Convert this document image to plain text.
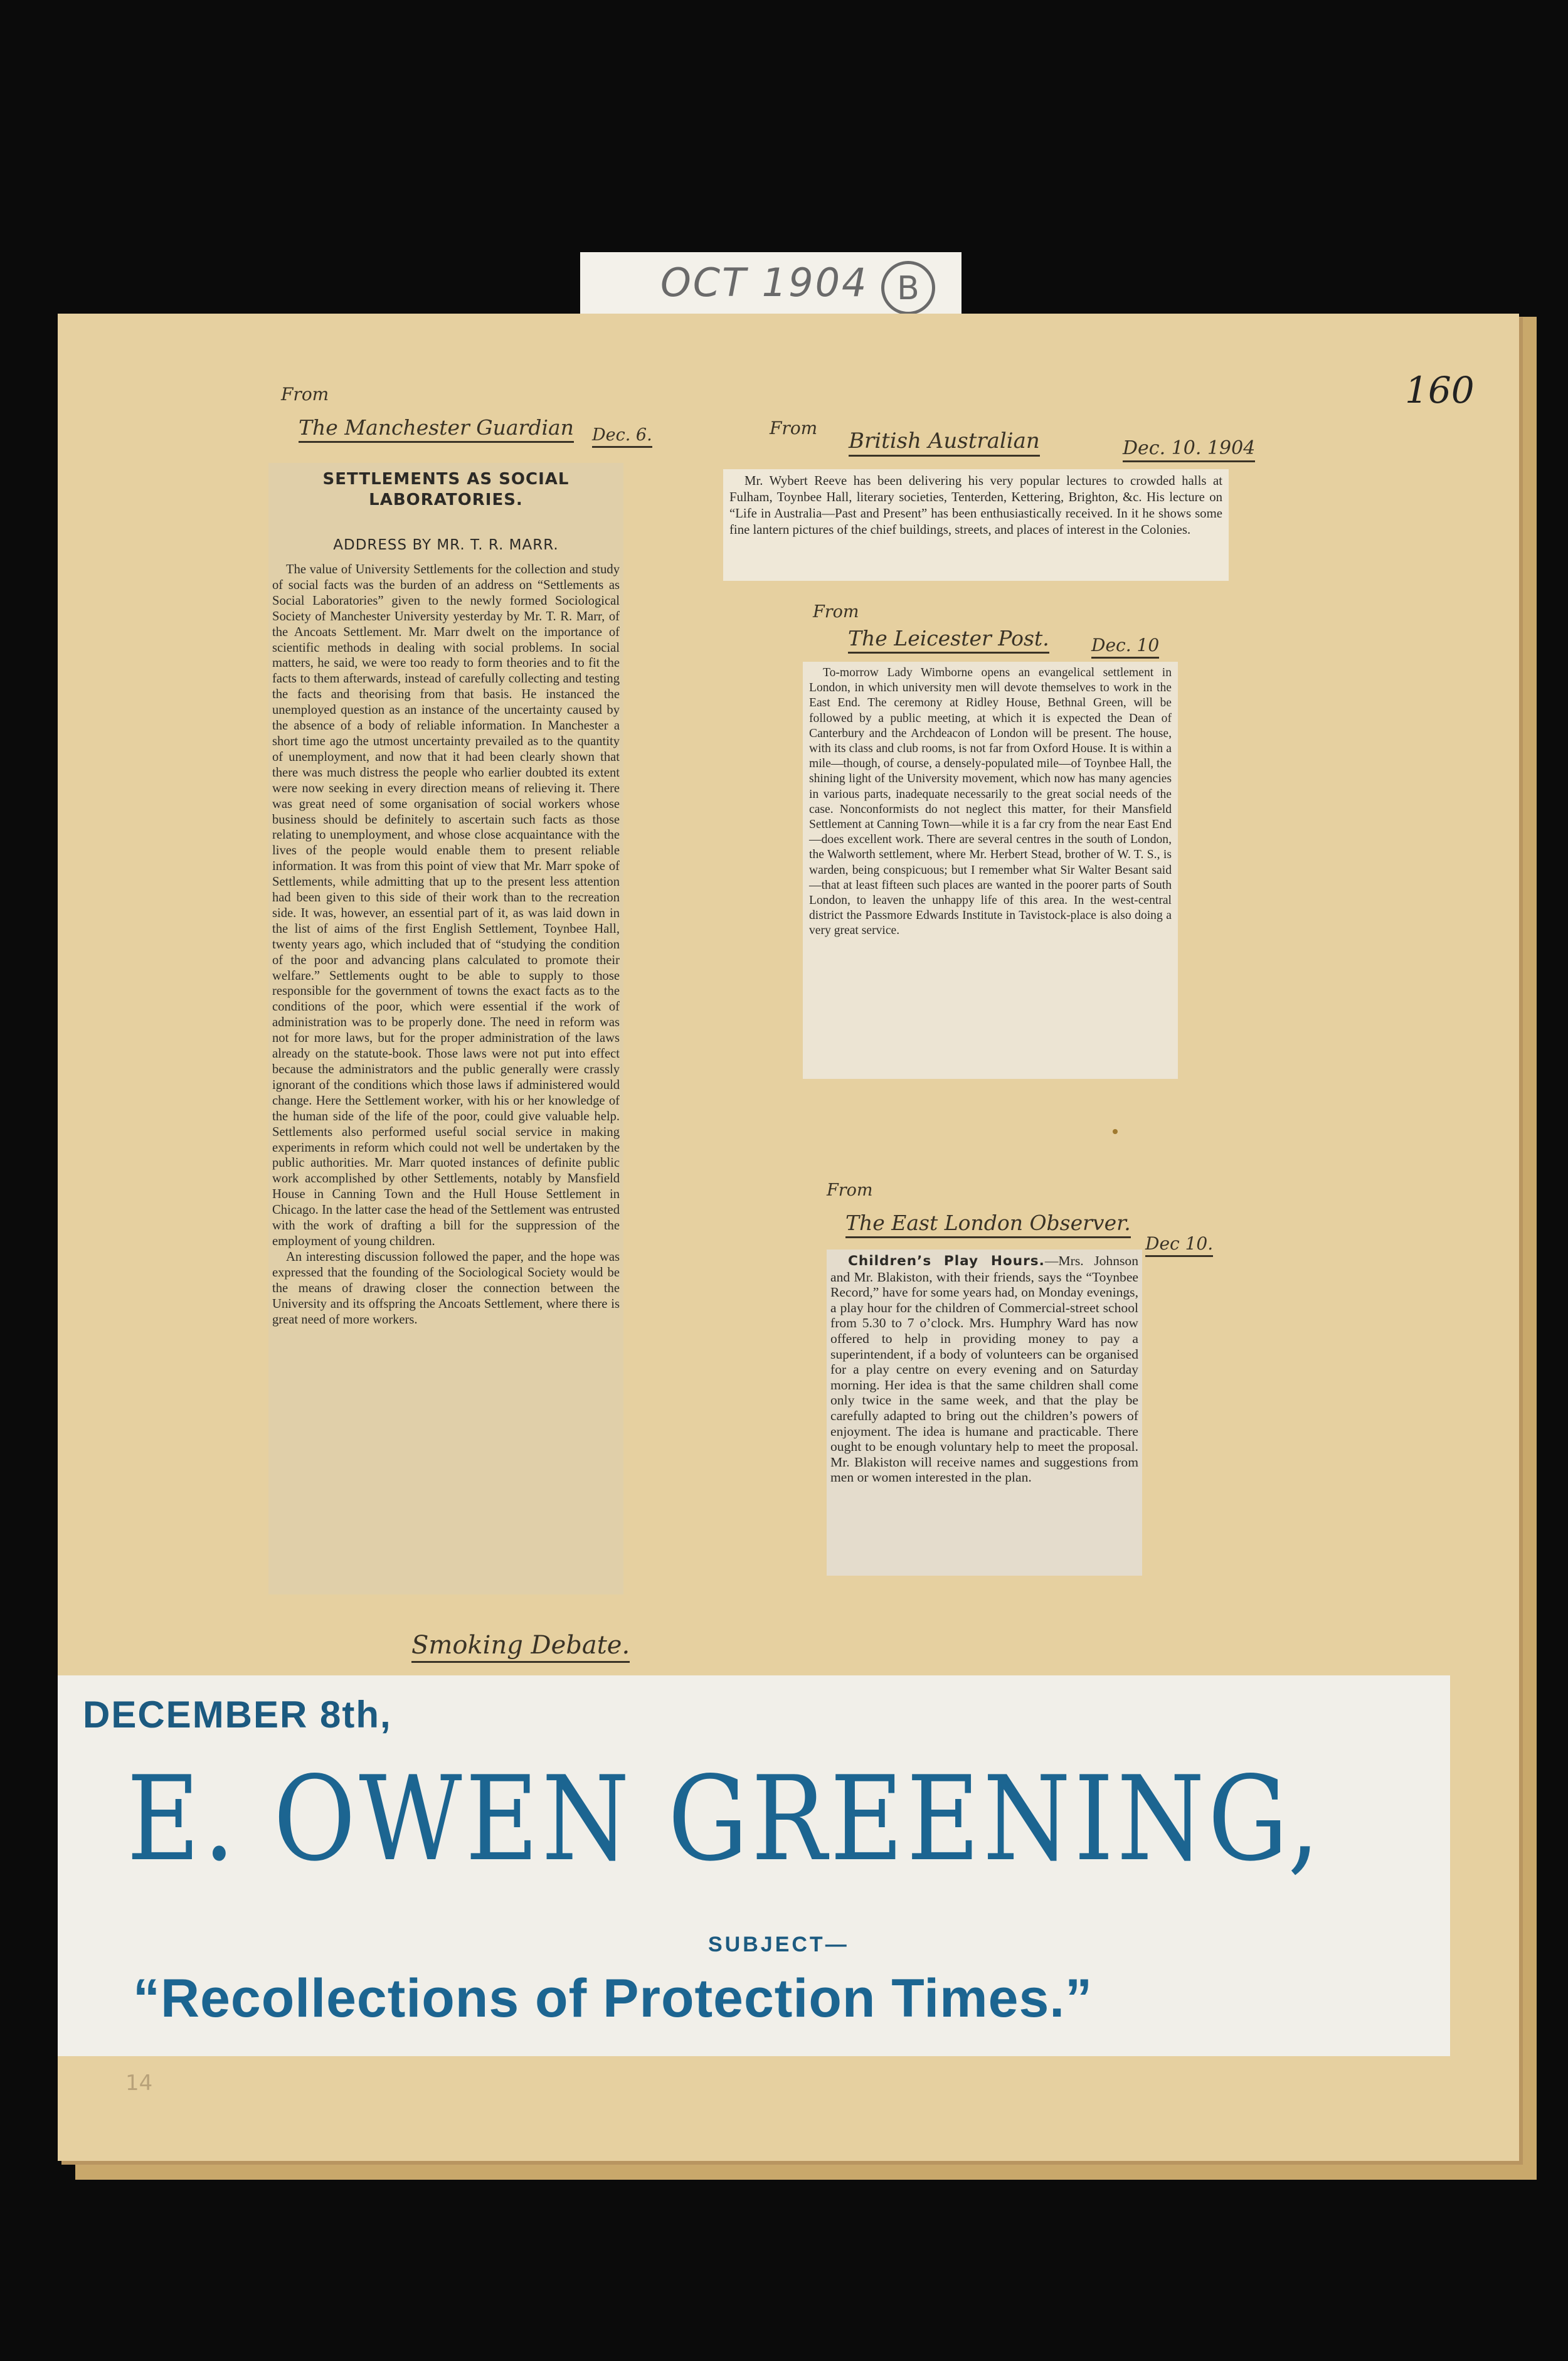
OCT 1904 B
160
From
The Manchester Guardian Dec. 6.
SETTLEMENTS AS SOCIAL LABORATORIES.
ADDRESS BY MR. T. R. MARR.

The value of University Settlements for the collection and study of social facts was the burden of an address on “Settlements as Social Laboratories” given to the newly formed Sociological Society of Manchester University yesterday by Mr. T. R. Marr, of the Ancoats Settlement. Mr. Marr dwelt on the importance of scientific methods in dealing with social problems. In social matters, he said, we were too ready to form theories and to fit the facts to them afterwards, instead of carefully collecting and testing the facts and theorising from that basis. He instanced the unemployed question as an instance of the uncertainty caused by the absence of a body of reliable information. In Manchester a short time ago the utmost uncertainty prevailed as to the quantity of unemployment, and now that it had been clearly shown that there was much distress the people who earlier doubted its extent were now seeking in every direction means of relieving it. There was great need of some organisation of social workers whose business should be definitely to ascertain such facts as those relating to unemployment, and whose close acquaintance with the lives of the people would enable them to present reliable information. It was from this point of view that Mr. Marr spoke of Settlements, while admitting that up to the present less attention had been given to this side of their work than to the recreation side. It was, however, an essential part of it, as was laid down in the list of aims of the first English Settlement, Toynbee Hall, twenty years ago, which included that of “studying the condition of the poor and advancing plans calculated to promote their welfare.” Settlements ought to be able to supply to those responsible for the government of towns the exact facts as to the conditions of the poor, which were essential if the work of administration was to be properly done. The need in reform was not for more laws, but for the proper administration of the laws already on the statute-book. Those laws were not put into effect because the administrators and the public generally were crassly ignorant of the conditions which those laws if administered would change. Here the Settlement worker, with his or her knowledge of the human side of the life of the poor, could give valuable help. Settlements also performed useful social service in making experiments in reform which could not well be undertaken by the public authorities. Mr. Marr quoted instances of definite public work accomplished by other Settlements, notably by Mansfield House in Canning Town and the Hull House Settlement in Chicago. In the latter case the head of the Settlement was entrusted with the work of drafting a bill for the suppression of the employment of young children.

An interesting discussion followed the paper, and the hope was expressed that the founding of the Sociological Society would be the means of drawing closer the connection between the University and its offspring the Ancoats Settlement, where there is great need of more workers.

From
British Australian	Dec. 10. 1904

Mr. Wybert Reeve has been delivering his very popular lectures to crowded halls at Fulham, Toynbee Hall, literary societies, Tenterden, Kettering, Brighton, &c. His lecture on “Life in Australia—Past and Present” has been enthusiastically received. In it he shows some fine lantern pictures of the chief buildings, streets, and places of interest in the Colonies.

From
The Leicester Post. Dec. 10

To-morrow Lady Wimborne opens an evangelical settlement in London, in which university men will devote themselves to work in the East End. The ceremony at Ridley House, Bethnal Green, will be followed by a public meeting, at which it is expected the Dean of Canterbury and the Archdeacon of London will be present. The house, with its class and club rooms, is not far from Oxford House. It is within a mile—though, of course, a densely-populated mile—of Toynbee Hall, the shining light of the University movement, which now has many agencies in various parts, inadequate necessarily to the great social needs of the case. Nonconformists do not neglect this matter, for their Mansfield Settlement at Canning Town—while it is a far cry from the near East End—does excellent work. There are several centres in the south of London, the Walworth settlement, where Mr. Herbert Stead, brother of W. T. S., is warden, being conspicuous; but I remember what Sir Walter Besant said—that at least fifteen such places are wanted in the poorer parts of South London, to leaven the unhappy life of this area. In the west-central district the Passmore Edwards Institute in Tavistock-place is also doing a very great service.

From
The East London Observer.
Dec 10.

Children’s Play Hours.—Mrs. Johnson and Mr. Blakiston, with their friends, says the “Toynbee Record,” have for some years had, on Monday evenings, a play hour for the children of Commercial-street school from 5.30 to 7 o’clock. Mrs. Humphry Ward has now offered to help in providing money to pay a superintendent, if a body of volunteers can be organised for a play centre on every evening and on Saturday morning. Her idea is that the same children shall come only twice in the same week, and that the play be carefully adapted to bring out the children’s powers of enjoyment. The idea is humane and practicable. There ought to be enough voluntary help to meet the proposal. Mr. Blakiston will receive names and suggestions from men or women interested in the plan.

Smoking Debate.
DECEMBER 8th,
E. OWEN GREENING,
SUBJECT—
“Recollections of Protection Times.”
14
